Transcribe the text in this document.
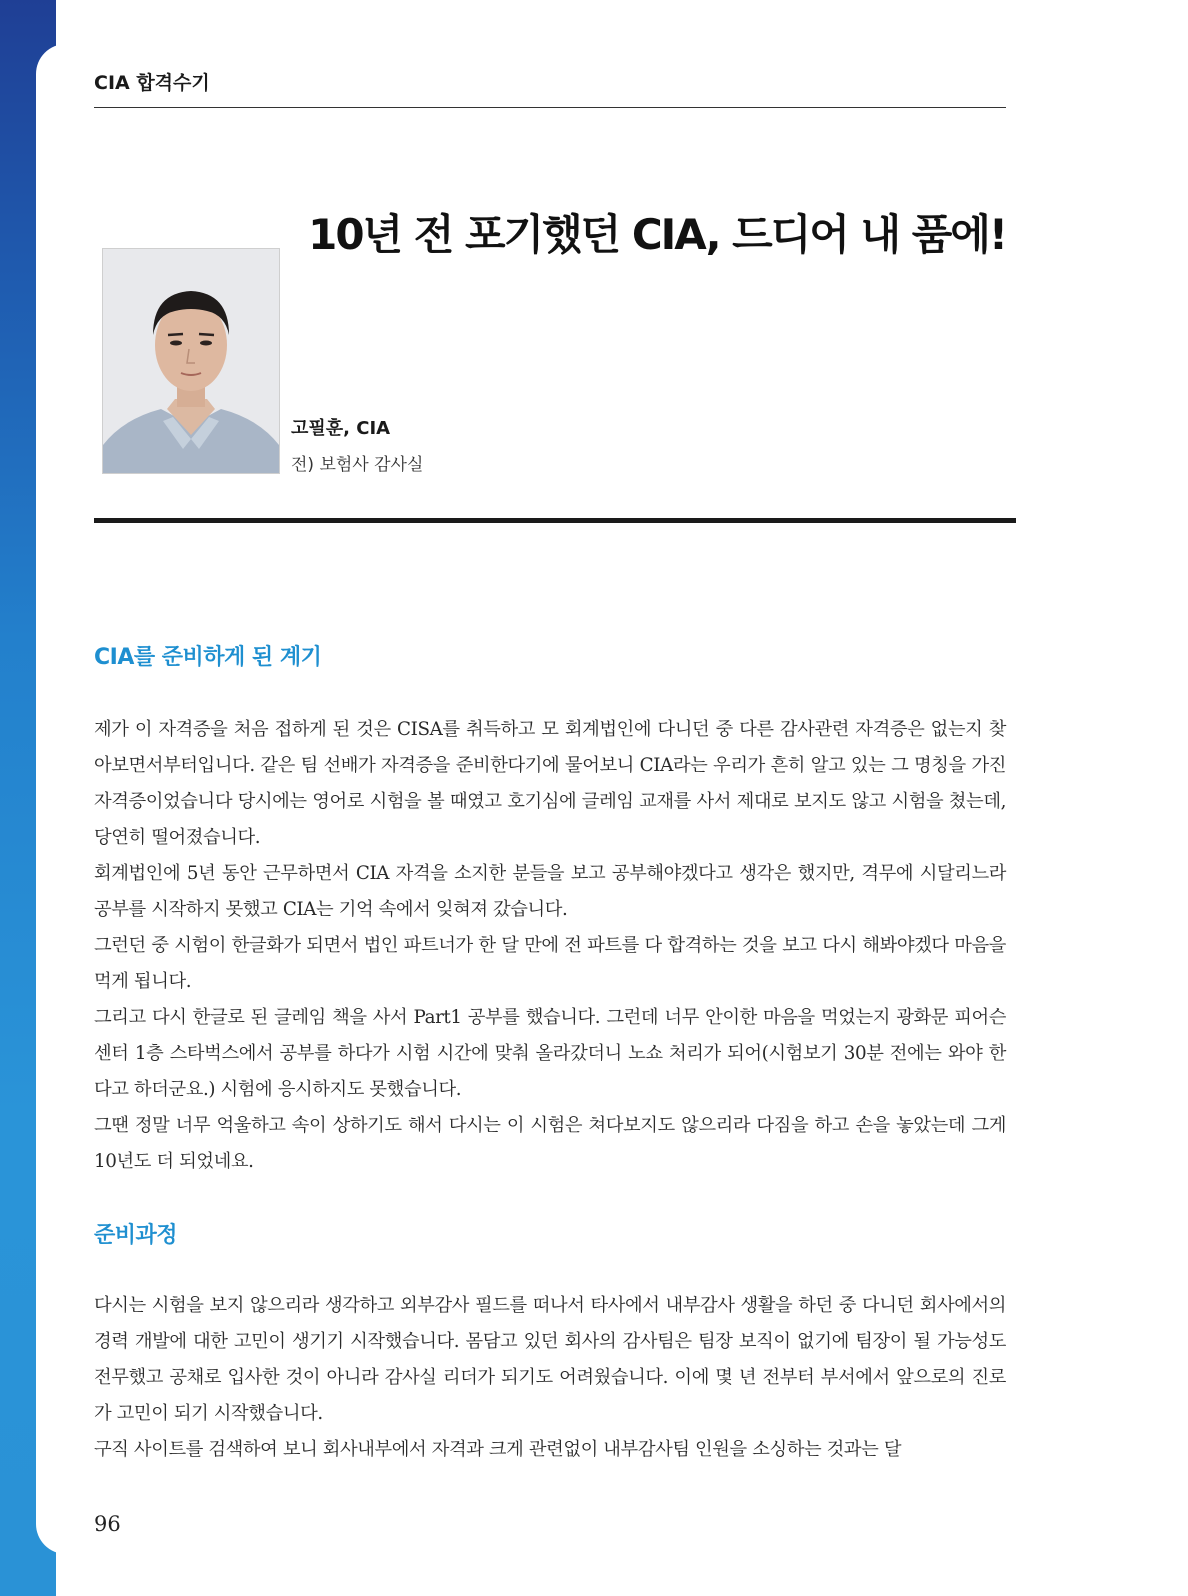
CIA 합격수기
10년 전 포기했던 CIA, 드디어 내 품에!
고필훈, CIA
전) 보험사 감사실
CIA를 준비하게 된 계기

제가 이 자격증을 처음 접하게 된 것은 CISA를 취득하고 모 회계법인에 다니던 중 다른 감사관련 자격증은 없는지 찾아보면서부터입니다. 같은 팀 선배가 자격증을 준비한다기에 물어보니 CIA라는 우리가 흔히 알고 있는 그 명칭을 가진 자격증이었습니다 당시에는 영어로 시험을 볼 때였고 호기심에 글레임 교재를 사서 제대로 보지도 않고 시험을 쳤는데, 당연히 떨어졌습니다.

회계법인에 5년 동안 근무하면서 CIA 자격을 소지한 분들을 보고 공부해야겠다고 생각은 했지만, 격무에 시달리느라 공부를 시작하지 못했고 CIA는 기억 속에서 잊혀져 갔습니다.

그런던 중 시험이 한글화가 되면서 법인 파트너가 한 달 만에 전 파트를 다 합격하는 것을 보고 다시 해봐야겠다 마음을 먹게 됩니다.

그리고 다시 한글로 된 글레임 책을 사서 Part1 공부를 했습니다. 그런데 너무 안이한 마음을 먹었는지 광화문 피어슨 센터 1층 스타벅스에서 공부를 하다가 시험 시간에 맞춰 올라갔더니 노쇼 처리가 되어(시험보기 30분 전에는 와야 한다고 하더군요.) 시험에 응시하지도 못했습니다.

그땐 정말 너무 억울하고 속이 상하기도 해서 다시는 이 시험은 쳐다보지도 않으리라 다짐을 하고 손을 놓았는데 그게 10년도 더 되었네요.

준비과정

다시는 시험을 보지 않으리라 생각하고 외부감사 필드를 떠나서 타사에서 내부감사 생활을 하던 중 다니던 회사에서의 경력 개발에 대한 고민이 생기기 시작했습니다. 몸담고 있던 회사의 감사팀은 팀장 보직이 없기에 팀장이 될 가능성도 전무했고 공채로 입사한 것이 아니라 감사실 리더가 되기도 어려웠습니다. 이에 몇 년 전부터 부서에서 앞으로의 진로가 고민이 되기 시작했습니다.

구직 사이트를 검색하여 보니 회사내부에서 자격과 크게 관련없이 내부감사팀 인원을 소싱하는 것과는 달

96
